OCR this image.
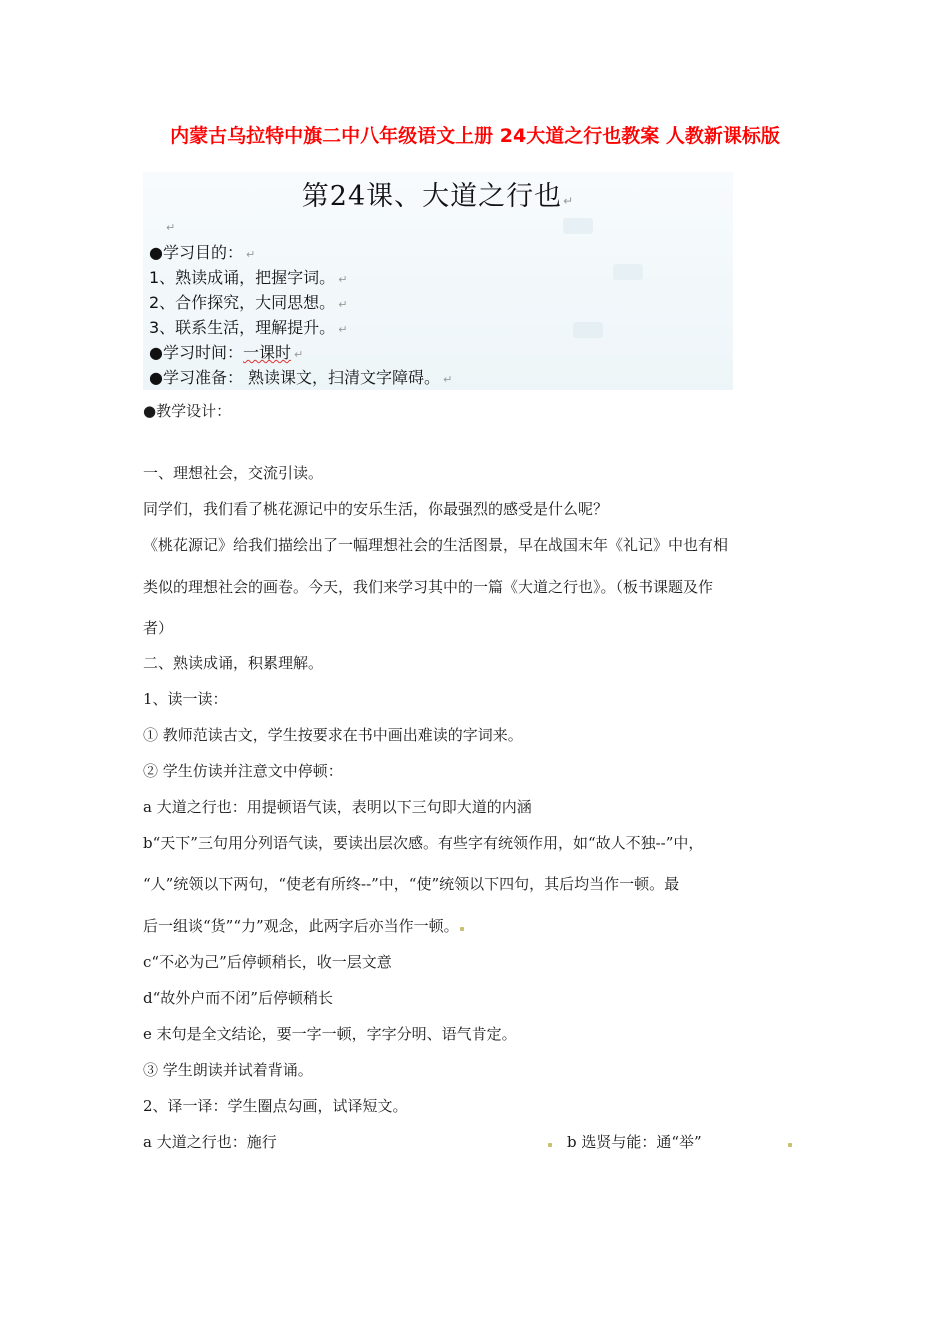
内蒙古乌拉特中旗二中八年级语文上册 24大道之行也教案 人教新课标版
第24课、大道之行也↵
↵
●学习目的： ↵
1、熟读成诵，把握字词。 ↵
2、合作探究，大同思想。 ↵
3、联系生活，理解提升。 ↵
●学习时间：一课时 ↵
●学习准备： 熟读课文，扫清文字障碍。 ↵
●教学设计：
一、理想社会，交流引读。
同学们，我们看了桃花源记中的安乐生活，你最强烈的感受是什么呢？
《桃花源记》给我们描绘出了一幅理想社会的生活图景，早在战国末年《礼记》中也有相
类似的理想社会的画卷。今天，我们来学习其中的一篇《大道之行也》。（板书课题及作
者）
二、熟读成诵，积累理解。
1、读一读：
① 教师范读古文，学生按要求在书中画出难读的字词来。
② 学生仿读并注意文中停顿：
a 大道之行也：用提顿语气读，表明以下三句即大道的内涵
b“天下”三句用分列语气读，要读出层次感。有些字有统领作用，如“故人不独--”中，
“人”统领以下两句，“使老有所终--”中，“使”统领以下四句，其后均当作一顿。最
后一组谈“货”“力”观念，此两字后亦当作一顿。
c“不必为己”后停顿稍长，收一层文意
d“故外户而不闭”后停顿稍长
e 末句是全文结论，要一字一顿，字字分明、语气肯定。
③ 学生朗读并试着背诵。
2、译一译：学生圈点勾画，试译短文。
a 大道之行也：施行	b 选贤与能：通“举”
